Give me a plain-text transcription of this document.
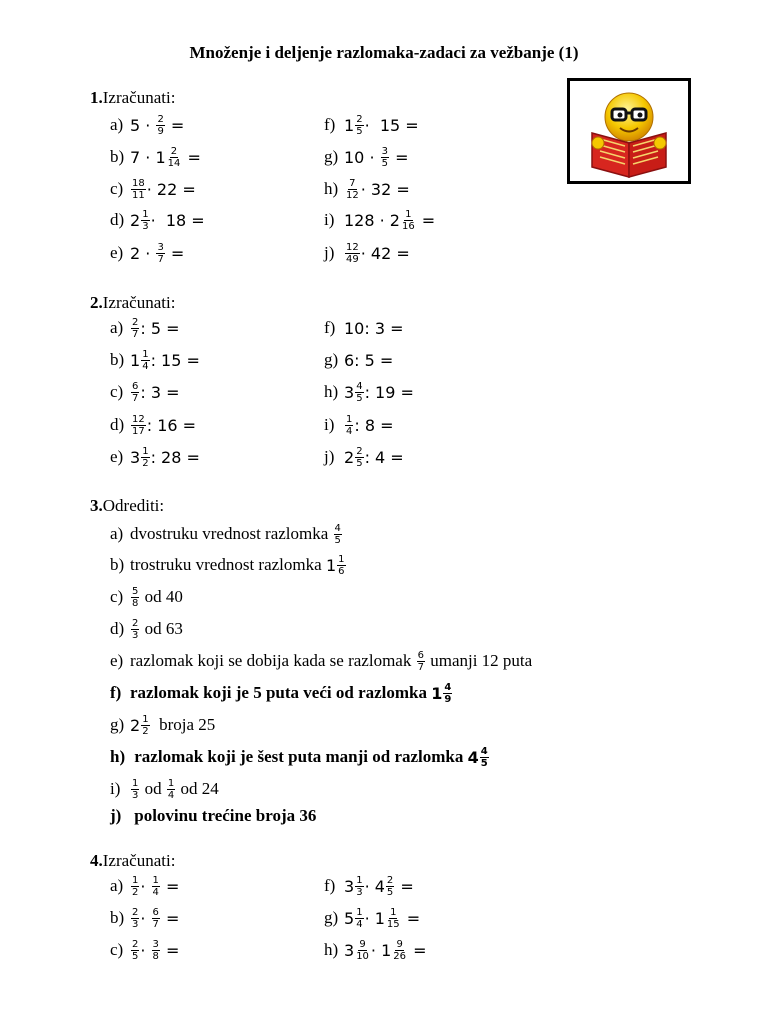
Množenje i deljenje razlomaka-zadaci za vežbanje (1)
1.Izračunati:
2.Izračunati:
3.Odrediti:
4.Izračunati:
a) $5 \cdot \frac{2}{9}$ =	f) $1 \frac{2}{5} \cdot 15$ =
b) $7 \cdot 1 \frac{2}{14}$ =	g) $10 \cdot \frac{3}{5}$ =
$c) \frac{18}{11} \cdot 22$ =	$h) \frac{7}{12} \cdot 32$ =
d) $2 \frac{1}{3} \cdot 18$ =	i) $128 \cdot 2 \frac{1}{16}$ =
e) $2 \cdot \frac{3}{7}$ =	j)	$\frac{12}{49} \cdot 42$ =
$a) \frac{2}{7}$ : 5 =	f) 10: 3 =
b) $1 \frac{1}{4}$ : 15 =	g) 6: 5 =
$c) \frac{6}{7}$ : 3 =	h) $3 \frac{4}{5}$ : 19 =
$d) \frac{12}{17}$ : 16 =	i)	$\frac{1}{4}$ : 8 =
e) $3 \frac{1}{2}$ : 28 =	j) $2 \frac{2}{5}$ : 4 =
a) dvostruku vrednost razlomka $\frac{4}{5}$
b) trostruku vrednost razlomka $1 \frac{1}{6}$
$c) \frac{5}{8}$ od 40
$d) \frac{2}{3}$ od 63
e) razlomak koji se dobija kada se razlomak $\frac{6}{7}$ umanji 12 puta
f) razlomak koji je 5 puta veći od razlomka $1 \frac{4}{9}$
g) $2 \frac{1}{2}$ broja 25
h) razlomak koji je šest puta manji od razlomka $4 \frac{4}{5}$
i)	$\frac{1}{3}$ od $\frac{1}{4}$ od 24
j) polovinu trećine broja 36
$a) \frac{1}{2} \cdot \frac{1}{4}$ =	f) $3 \frac{1}{3} \cdot 4 \frac{2}{5}$ =
$b) \frac{2}{3} \cdot \frac{6}{7}$ =	g) $5 \frac{1}{4} \cdot 1 \frac{1}{15}$ =
$c) \frac{2}{5} \cdot \frac{3}{8}$ =	h) $3 \frac{9}{10} \cdot 1 \frac{9}{26}$ =
